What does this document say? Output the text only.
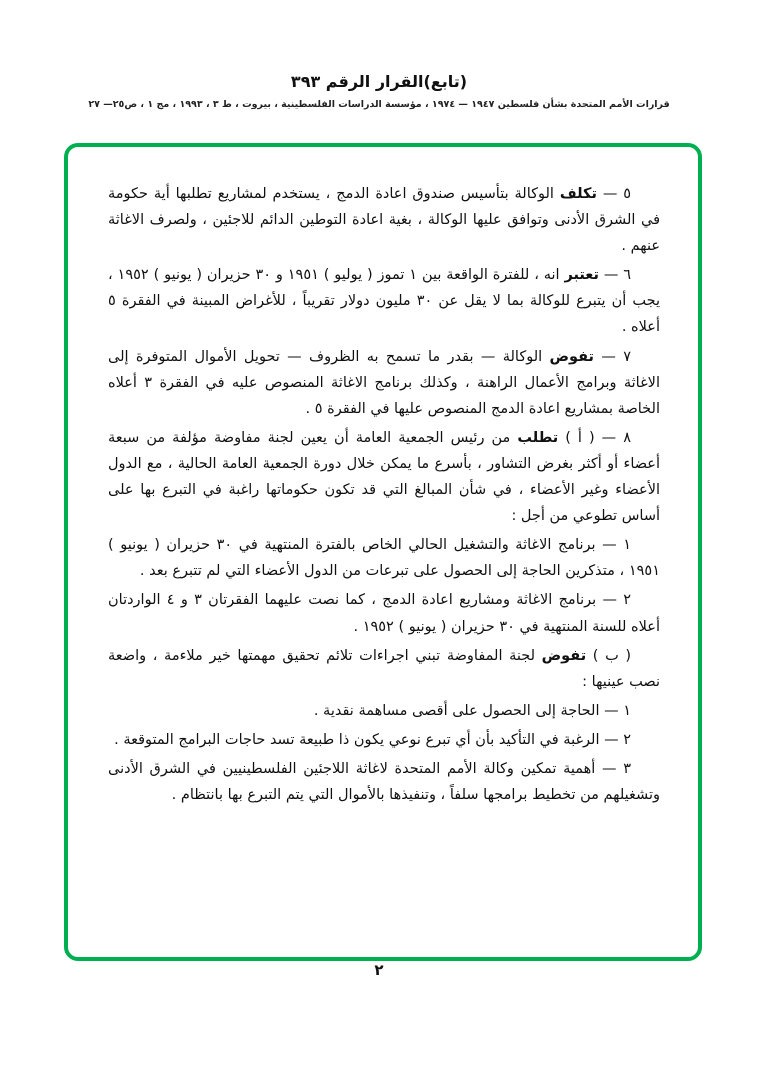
(تابع)القرار الرقم ٣٩٣
قرارات الأمم المتحدة بشأن فلسطين ١٩٤٧ — ١٩٧٤ ، مؤسسة الدراسات الفلسطينية ، بيروت ، ط ٣ ، ١٩٩٣ ، مج ١ ، ص٢٥— ٢٧

٥ — تكلف الوكالة بتأسيس صندوق اعادة الدمج ، يستخدم لمشاريع تطلبها أية حكومة في الشرق الأدنى وتوافق عليها الوكالة ، بغية اعادة التوطين الدائم للاجئين ، ولصرف الاغاثة عنهم .

٦ — تعتبر انه ، للفترة الواقعة بين ١ تموز ( يوليو ) ١٩٥١ و ٣٠ حزيران ( يونيو ) ١٩٥٢ ، يجب أن يتبرع للوكالة بما لا يقل عن ٣٠ مليون دولار تقريباً ، للأغراض المبينة في الفقرة ٥ أعلاه .

٧ — تفوض الوكالة — بقدر ما تسمح به الظروف — تحويل الأموال المتوفرة إلى الاغاثة وبرامج الأعمال الراهنة ، وكذلك برنامج الاغاثة المنصوص عليه في الفقرة ٣ أعلاه الخاصة بمشاريع اعادة الدمج المنصوص عليها في الفقرة ٥ .

٨ — ( أ ) تطلب من رئيس الجمعية العامة أن يعين لجنة مفاوضة مؤلفة من سبعة أعضاء أو أكثر بغرض التشاور ، بأسرع ما يمكن خلال دورة الجمعية العامة الحالية ، مع الدول الأعضاء وغير الأعضاء ، في شأن المبالغ التي قد تكون حكوماتها راغبة في التبرع بها على أساس تطوعي من أجل :

١ — برنامج الاغاثة والتشغيل الحالي الخاص بالفترة المنتهية في ٣٠ حزيران ( يونيو ) ١٩٥١ ، متذكرين الحاجة إلى الحصول على تبرعات من الدول الأعضاء التي لم تتبرع بعد .

٢ — برنامج الاغاثة ومشاريع اعادة الدمج ، كما نصت عليهما الفقرتان ٣ و ٤ الواردتان أعلاه للسنة المنتهية في ٣٠ حزيران ( يونيو ) ١٩٥٢ .

( ب ) تفوض لجنة المفاوضة تبني اجراءات تلائم تحقيق مهمتها خير ملاءمة ، واضعة نصب عينيها :

١ — الحاجة إلى الحصول على أقصى مساهمة نقدية .

٢ — الرغبة في التأكيد بأن أي تبرع نوعي يكون ذا طبيعة تسد حاجات البرامج المتوقعة .

٣ — أهمية تمكين وكالة الأمم المتحدة لاغاثة اللاجئين الفلسطينيين في الشرق الأدنى وتشغيلهم من تخطيط برامجها سلفاً ، وتنفيذها بالأموال التي يتم التبرع بها بانتظام .

٢
